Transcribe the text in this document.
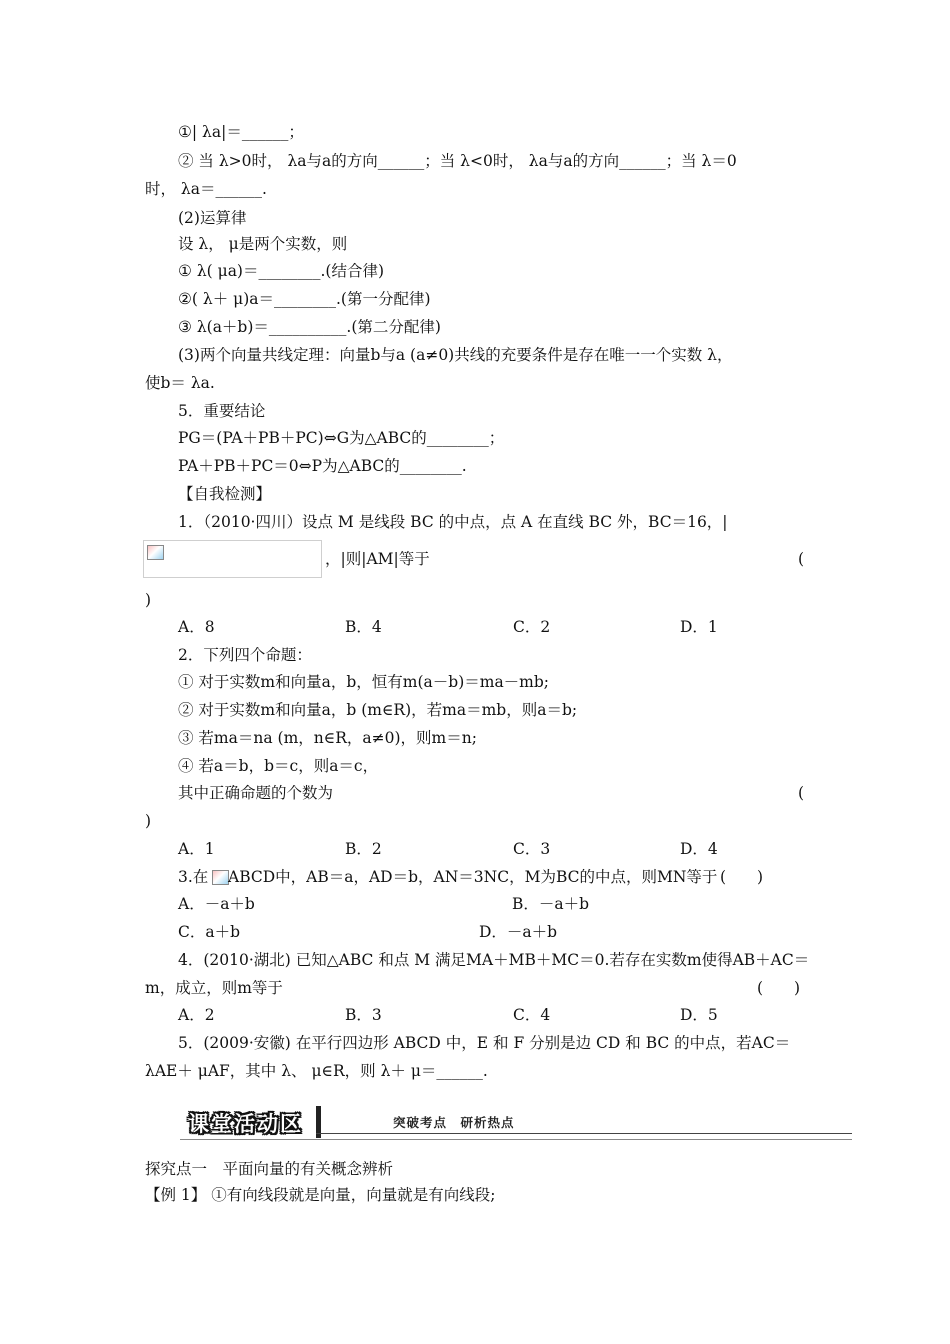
课堂活动区	突破考点　研析热点
①| λa|＝______；
② 当 λ>0时， λa与a的方向______；当 λ<0时， λa与a的方向______；当 λ＝0
时， λa＝______.
(2)运算律
设 λ， μ是两个实数，则
① λ( μa)＝________.(结合律)
②( λ＋ μ)a＝________.(第一分配律)
③ λ(a＋b)＝__________.(第二分配律)
(3)两个向量共线定理：向量b与a (a≠0)共线的充要条件是存在唯一一个实数 λ，
使b＝ λa.
5．重要结论
PG＝(PA＋PB＋PC)⇔G为△ABC的________；
PA＋PB＋PC＝0⇔P为△ABC的________.
【自我检测】
1．（2010·四川）设点 M 是线段 BC 的中点，点 A 在直线 BC 外，BC＝16，|
，|则|AM|等于	(
)
A．8	B．4	C．2	D．1
2．下列四个命题：
① 对于实数m和向量a，b，恒有m(a－b)＝ma－mb;
② 对于实数m和向量a，b (m∈R)，若ma＝mb，则a＝b;
③ 若ma＝na (m，n∈R，a≠0)，则m＝n;
④ 若a＝b，b＝c，则a＝c，
其中正确命题的个数为	(
)
A．1	B．2	C．3	D．4
3.在 ABCD中，AB＝a，AD＝b，AN＝3NC，M为BC的中点，则MN等于 (　　)
A．－a＋b	B．－a＋b
C．a＋b	D．－a＋b
4．(2010·湖北) 已知△ABC 和点 M 满足MA＋MB＋MC＝0.若存在实数m使得AB＋AC＝
m，成立，则m等于	(　　)
A．2	B．3	C．4	D．5
5．(2009·安徽) 在平行四边形 ABCD 中，E 和 F 分别是边 CD 和 BC 的中点，若AC＝
λAE＋ μAF，其中 λ、 μ∈R，则 λ＋ μ＝______.
探究点一　平面向量的有关概念辨析
【例 1】 ①有向线段就是向量，向量就是有向线段;
